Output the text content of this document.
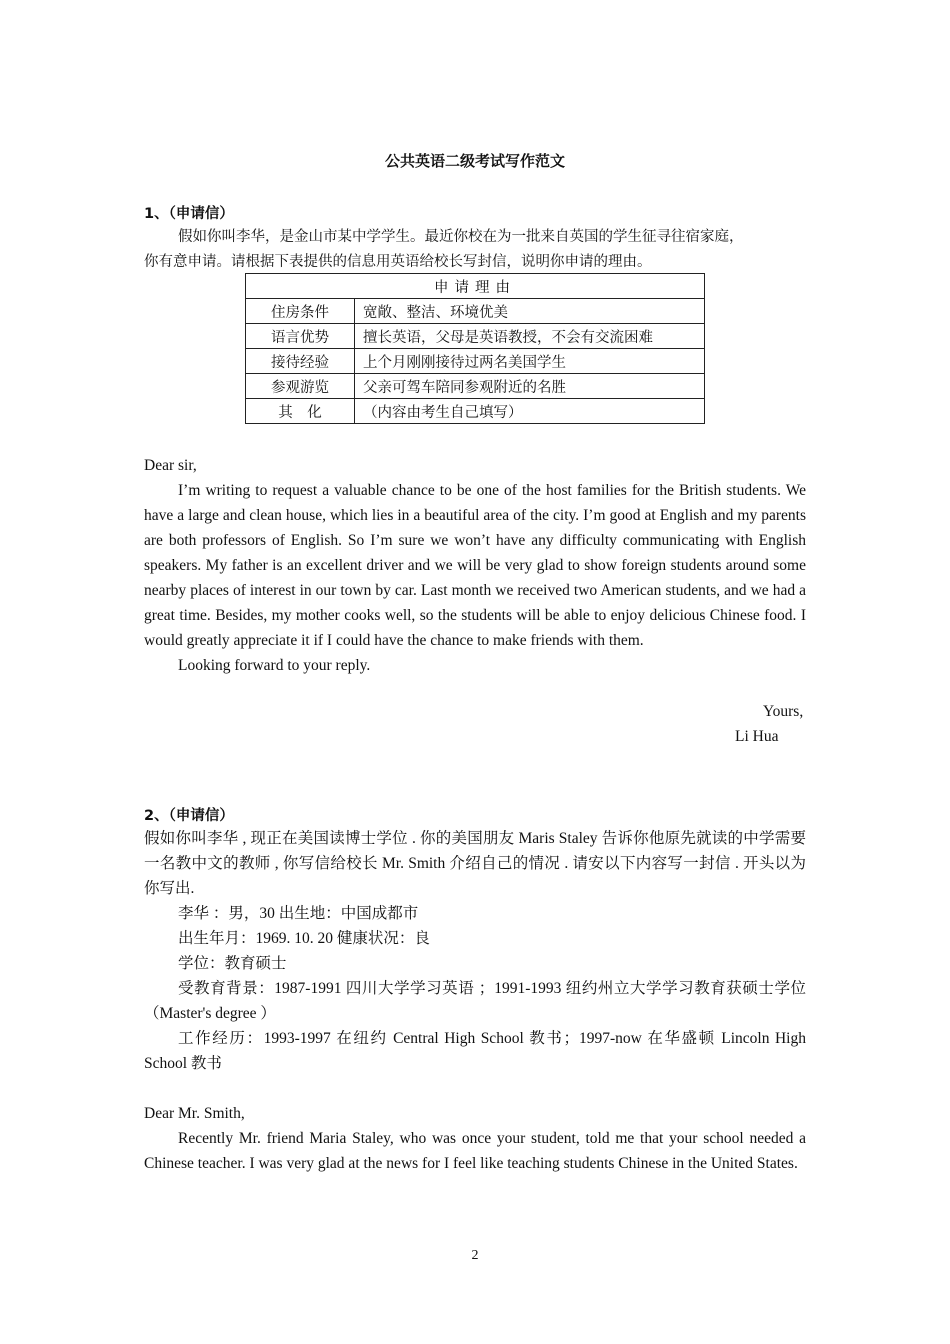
公共英语二级考试写作范文
1、（申请信）

假如你叫李华，是金山市某中学学生。最近你校在为一批来自英国的学生征寻往宿家庭，

你有意申请。请根据下表提供的信息用英语给校长写封信，说明你申请的理由。

申请理由	
住房条件	宽敞、整洁、环境优美
语言优势	擅长英语，父母是英语教授，不会有交流困难
接待经验	上个月刚刚接待过两名美国学生
参观游览	父亲可驾车陪同参观附近的名胜
其　化	（内容由考生自己填写）

Dear sir,

I’m writing to request a valuable chance to be one of the host families for the British students. We have a large and clean house, which lies in a beautiful area of the city. I’m good at English and my parents are both professors of English. So I’m sure we won’t have any difficulty communicating with English speakers. My father is an excellent driver and we will be very glad to show foreign students around some nearby places of interest in our town by car. Last month we received two American students, and we had a great time. Besides, my mother cooks well, so the students will be able to enjoy delicious Chinese food. I would greatly appreciate it if I could have the chance to make friends with them.

Looking forward to your reply.

Yours,
Li Hua
2、（申请信）

假如你叫李华 , 现正在美国读博士学位 . 你的美国朋友 Maris Staley 告诉你他原先就读的中学需要一名教中文的教师 , 你写信给校长 Mr. Smith 介绍自己的情况 . 请安以下内容写一封信 . 开头以为你写出.

李华 ：男，30 出生地：中国成都市

出生年月：1969. 10. 20 健康状况：良

学位：教育硕士

受教育背景：1987-1991 四川大学学习英语 ；1991-1993 纽约州立大学学习教育获硕士学位（Master's degree ）

工作经历：1993-1997 在纽约 Central High School 教书；1997-now 在华盛顿 Lincoln High School 教书

Dear Mr. Smith,

Recently Mr. friend Maria Staley, who was once your student, told me that your school needed a Chinese teacher. I was very glad at the news for I feel like teaching students Chinese in the United States.

2
